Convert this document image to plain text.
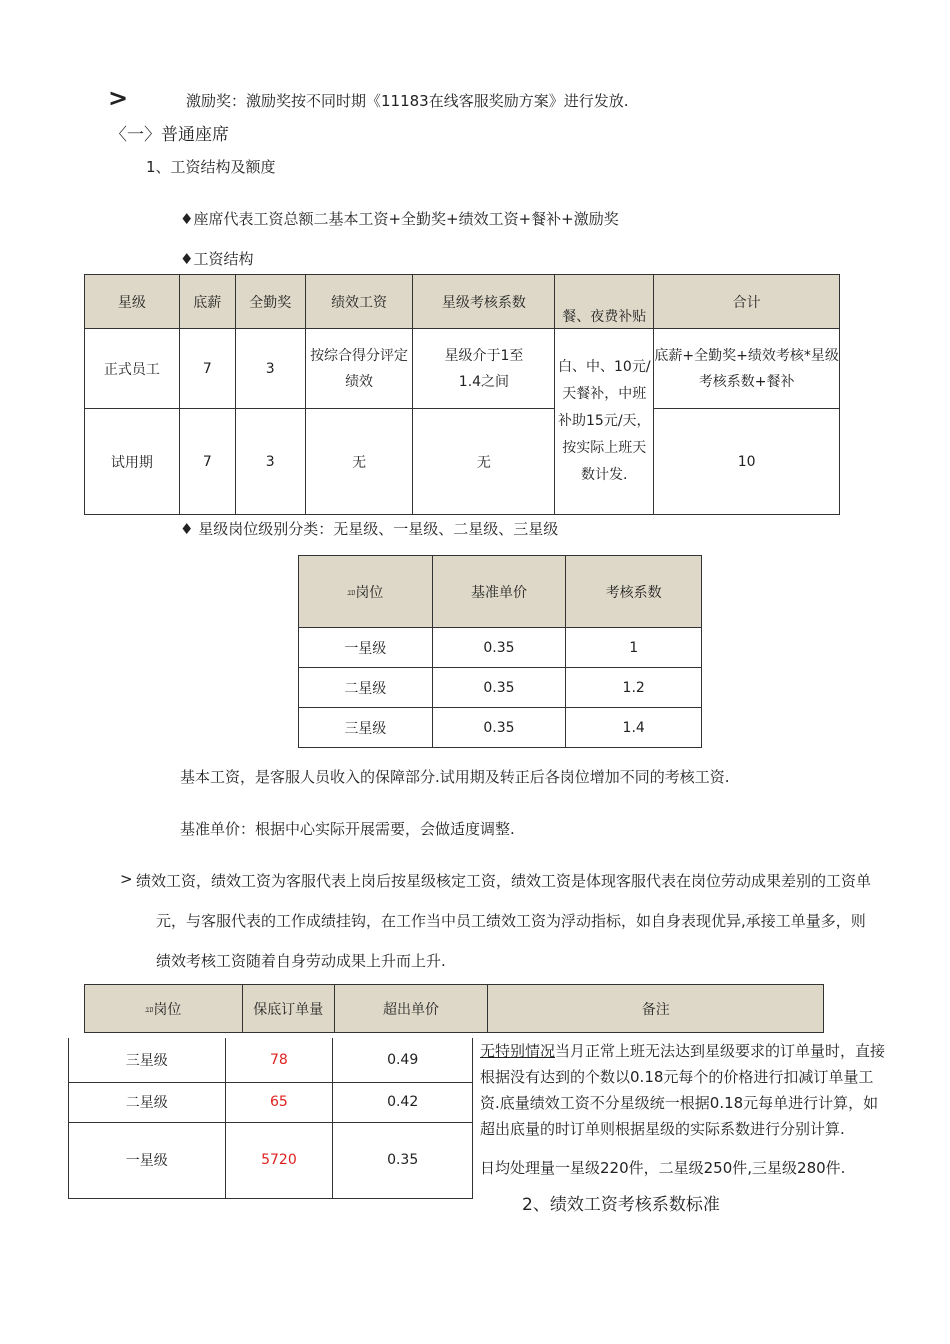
>	激励奖：激励奖按不同时期《11183在线客服奖励方案》进行发放.
〈一〉普通座席
1、工资结构及额度
♦座席代表工资总额二基本工资+全勤奖+绩效工资+餐补+激励奖
♦工资结构
星级	底薪	全勤奖	绩效工资	星级考核系数	餐、夜费补贴	合计
正式员工	7	3	按综合得分评定绩效	星级介于1至1.4之间	白、中、10元/天餐补，中班补助15元/天，按实际上班天数计发.	底薪+全勤奖+绩效考核*星级考核系数+餐补
试用期	7	3	无	无		10
♦ 星级岗位级别分类：无星级、一星级、二星级、三星级
ﾕﾛ岗位	基准单价	考核系数
一星级	0.35	1
二星级	0.35	1.2
三星级	0.35	1.4
基本工资，是客服人员收入的保障部分.试用期及转正后各岗位增加不同的考核工资.
基准单价：根据中心实际开展需要，会做适度调整.
> 绩效工资，绩效工资为客服代表上岗后按星级核定工资，绩效工资是体现客服代表在岗位劳动成果差别的工资单
元，与客服代表的工作成绩挂钩，在工作当中员工绩效工资为浮动指标，如自身表现优异,承接工单量多，则
绩效考核工资随着自身劳动成果上升而上升.
ﾕﾛ岗位	保底订单量	超出单价	备注
三星级	78	0.49
二星级	65	0.42
一星级	5720	0.35
无特别情况当月正常上班无法达到星级要求的订单量时，直接
根据没有达到的个数以0.18元每个的价格进行扣减订单量工
资.底量绩效工资不分星级统一根据0.18元每单进行计算，如
超出底量的时订单则根据星级的实际系数进行分别计算.
日均处理量一星级220件，二星级250件,三星级280件.
2、绩效工资考核系数标准
